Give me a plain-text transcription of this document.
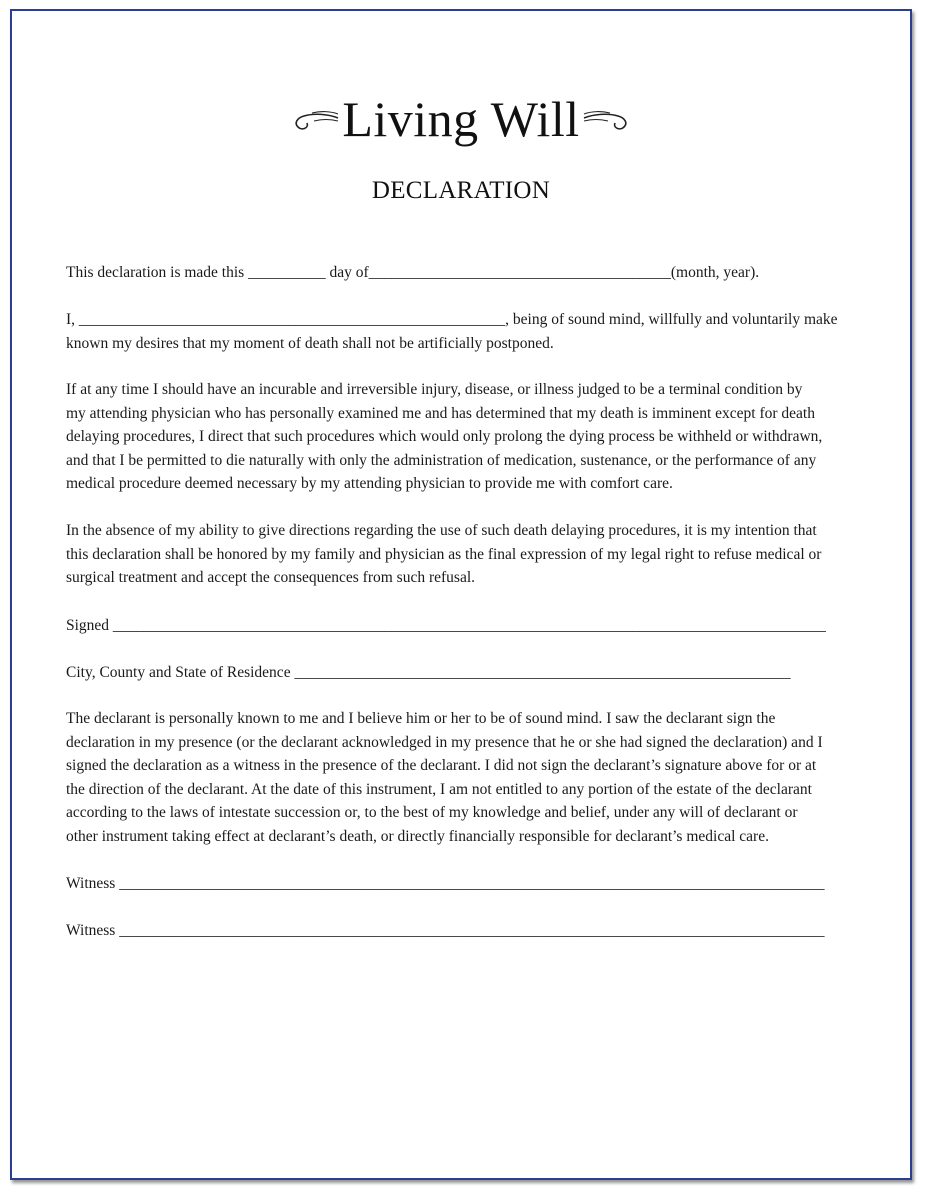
Living Will
DECLARATION
This declaration is made this __________ day of_______________________________________(month, year).
I, _______________________________________________________, being of sound mind, willfully and voluntarily make
known my desires that my moment of death shall not be artificially postponed.
If at any time I should have an incurable and irreversible injury, disease, or illness judged to be a terminal condition by
my attending physician who has personally examined me and has determined that my death is imminent except for death
delaying procedures, I direct that such procedures which would only prolong the dying process be withheld or withdrawn,
and that I be permitted to die naturally with only the administration of medication, sustenance, or the performance of any
medical procedure deemed necessary by my attending physician to provide me with comfort care.
In the absence of my ability to give directions regarding the use of such death delaying procedures, it is my intention that
this declaration shall be honored by my family and physician as the final expression of my legal right to refuse medical or
surgical treatment and accept the consequences from such refusal.
Signed ____________________________________________________________________________________________
City, County and State of Residence ________________________________________________________________
The declarant is personally known to me and I believe him or her to be of sound mind. I saw the declarant sign the
declaration in my presence (or the declarant acknowledged in my presence that he or she had signed the declaration) and I
signed the declaration as a witness in the presence of the declarant. I did not sign the declarant’s signature above for or at
the direction of the declarant. At the date of this instrument, I am not entitled to any portion of the estate of the declarant
according to the laws of intestate succession or, to the best of my knowledge and belief, under any will of declarant or
other instrument taking effect at declarant’s death, or directly financially responsible for declarant’s medical care.
Witness ___________________________________________________________________________________________
Witness ___________________________________________________________________________________________
